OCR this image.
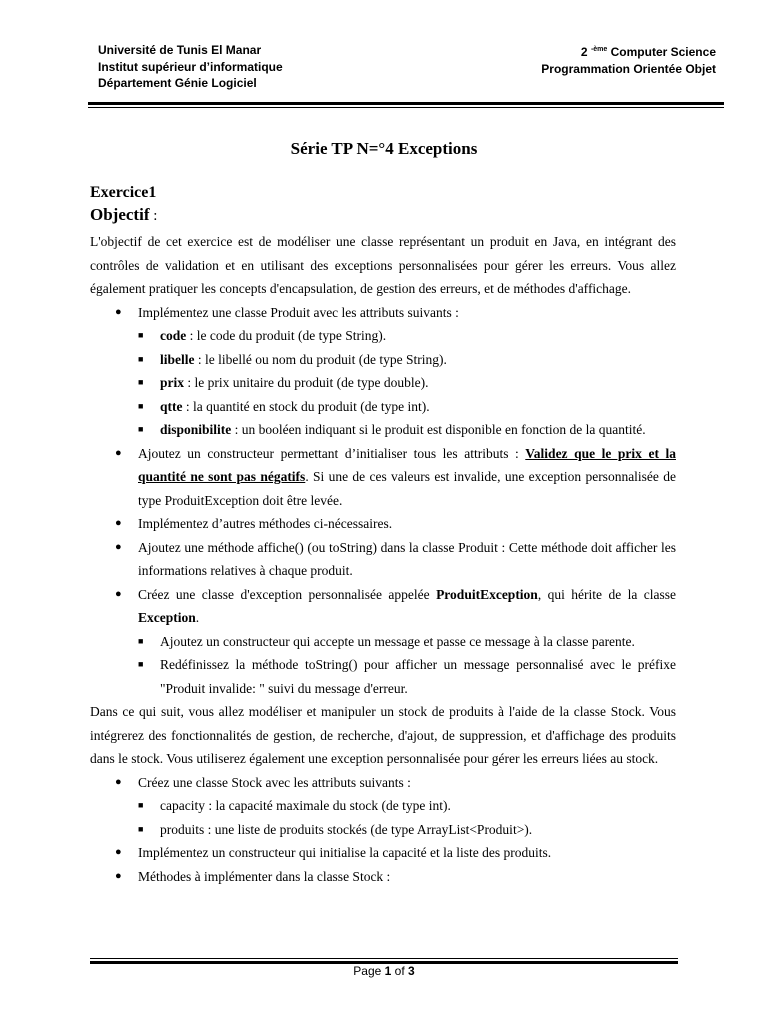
Université de Tunis El Manar
Institut supérieur d’informatique
Département Génie Logiciel
2 $^{-ème}$ Computer Science
Programmation Orientée Objet
Série TP N=°4 Exceptions
Exercice1
Objectif :

L'objectif de cet exercice est de modéliser une classe représentant un produit en Java, en intégrant des contrôles de validation et en utilisant des exceptions personnalisées pour gérer les erreurs. Vous allez également pratiquer les concepts d'encapsulation, de gestion des erreurs, et de méthodes d'affichage.

● Implémentez une classe Produit avec les attributs suivants :
■ code : le code du produit (de type String).
■ libelle : le libellé ou nom du produit (de type String).
■ prix : le prix unitaire du produit (de type double).
■ qtte : la quantité en stock du produit (de type int).
■ disponibilite : un booléen indiquant si le produit est disponible en fonction de la quantité.
● Ajoutez un constructeur permettant d’initialiser tous les attributs : Validez que le prix et la quantité ne sont pas négatifs. Si une de ces valeurs est invalide, une exception personnalisée de type ProduitException doit être levée.
● Implémentez d’autres méthodes ci-nécessaires.
● Ajoutez une méthode affiche() (ou toString) dans la classe Produit : Cette méthode doit afficher les informations relatives à chaque produit.
● Créez une classe d'exception personnalisée appelée ProduitException, qui hérite de la classe Exception.
■ Ajoutez un constructeur qui accepte un message et passe ce message à la classe parente.
■ Redéfinissez la méthode toString() pour afficher un message personnalisé avec le préfixe "Produit invalide: " suivi du message d'erreur.

Dans ce qui suit, vous allez modéliser et manipuler un stock de produits à l'aide de la classe Stock. Vous intégrerez des fonctionnalités de gestion, de recherche, d'ajout, de suppression, et d'affichage des produits dans le stock. Vous utiliserez également une exception personnalisée pour gérer les erreurs liées au stock.

● Créez une classe Stock avec les attributs suivants :
■ capacity : la capacité maximale du stock (de type int).
■ produits : une liste de produits stockés (de type ArrayList<Produit>).
● Implémentez un constructeur qui initialise la capacité et la liste des produits.
● Méthodes à implémenter dans la classe Stock :
Page 1 of 3
